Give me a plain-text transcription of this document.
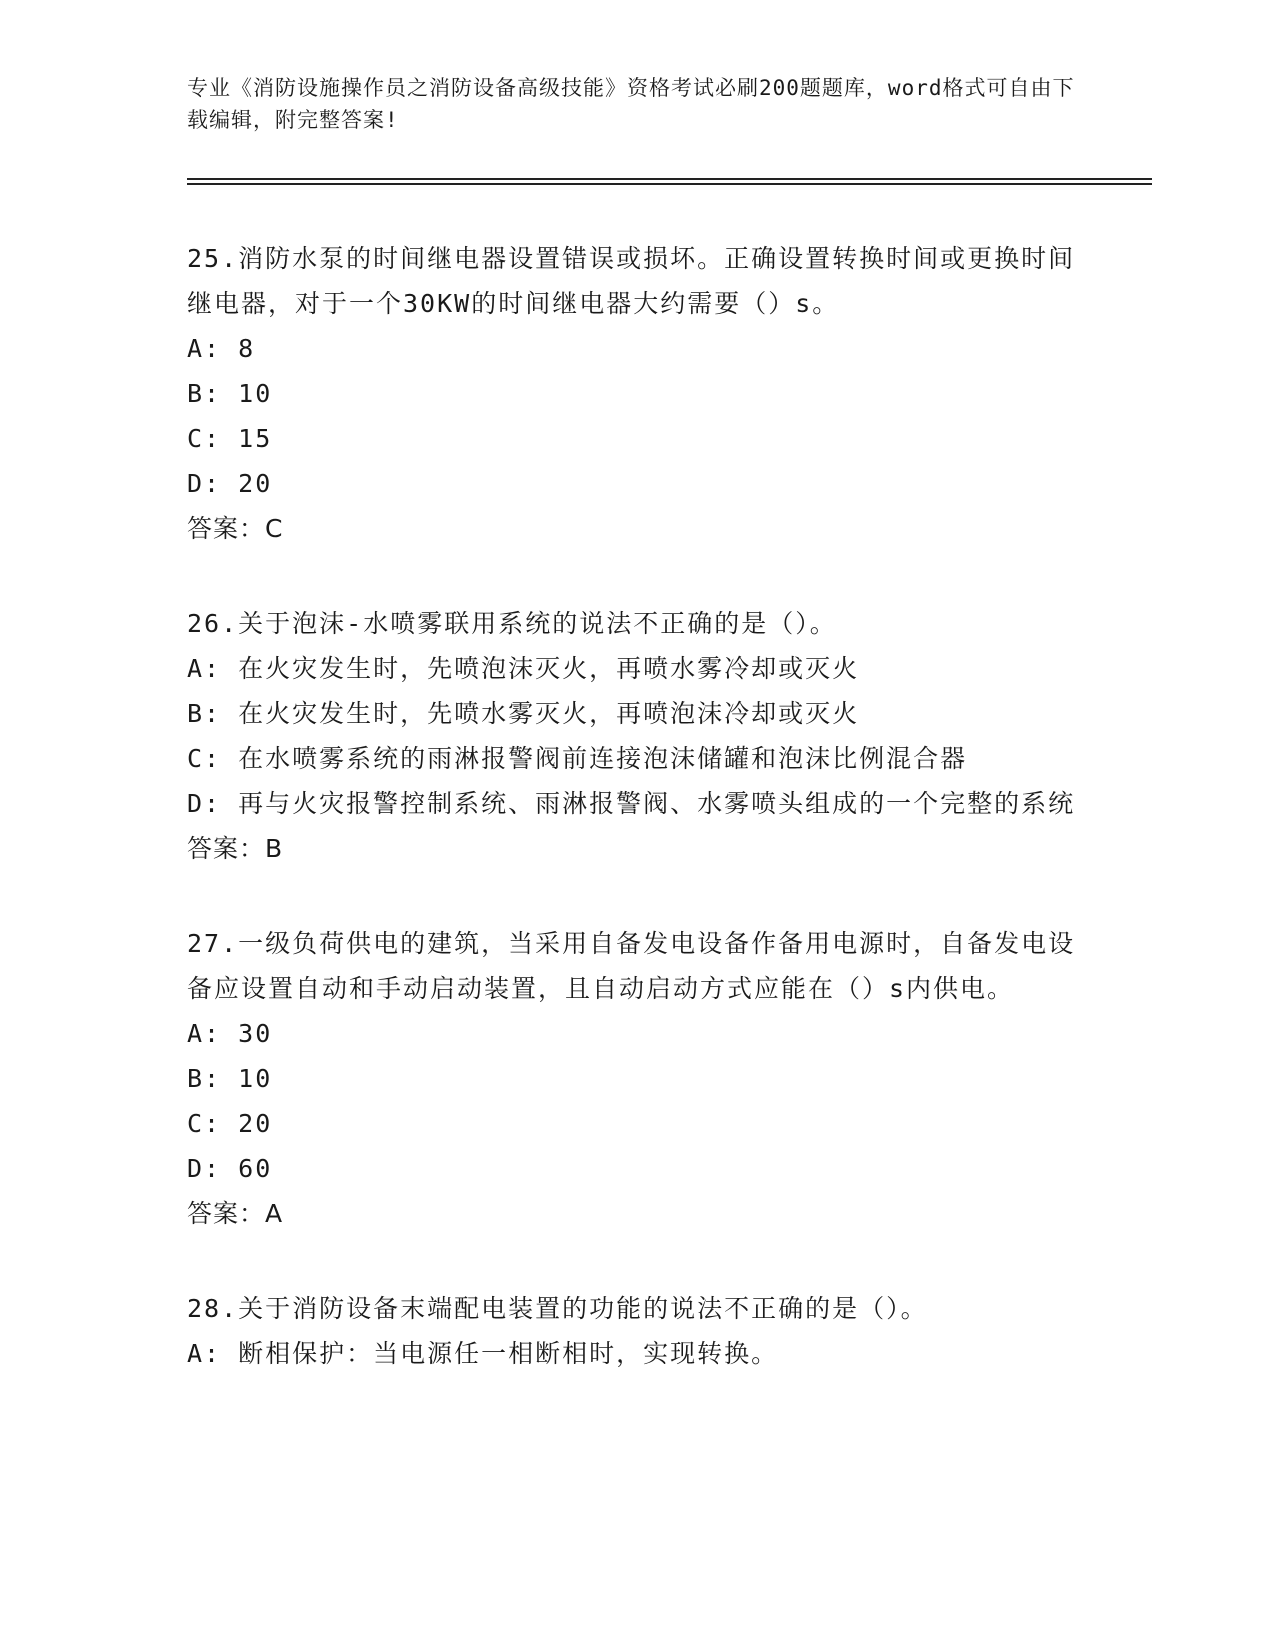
专业《消防设施操作员之消防设备高级技能》资格考试必刷200题题库，word格式可自由下载编辑，附完整答案!

25.消防水泵的时间继电器设置错误或损坏。正确设置转换时间或更换时间继电器，对于一个30KW的时间继电器大约需要（）s。

A: 8

B: 10

C: 15

D: 20

答案：C

26.关于泡沫-水喷雾联用系统的说法不正确的是（）。

A: 在火灾发生时，先喷泡沫灭火，再喷水雾冷却或灭火

B: 在火灾发生时，先喷水雾灭火，再喷泡沫冷却或灭火

C: 在水喷雾系统的雨淋报警阀前连接泡沫储罐和泡沫比例混合器

D: 再与火灾报警控制系统、雨淋报警阀、水雾喷头组成的一个完整的系统

答案：B

27.一级负荷供电的建筑，当采用自备发电设备作备用电源时，自备发电设备应设置自动和手动启动装置，且自动启动方式应能在（）s内供电。

A: 30

B: 10

C: 20

D: 60

答案：A

28.关于消防设备末端配电装置的功能的说法不正确的是（）。

A: 断相保护：当电源任一相断相时，实现转换。
